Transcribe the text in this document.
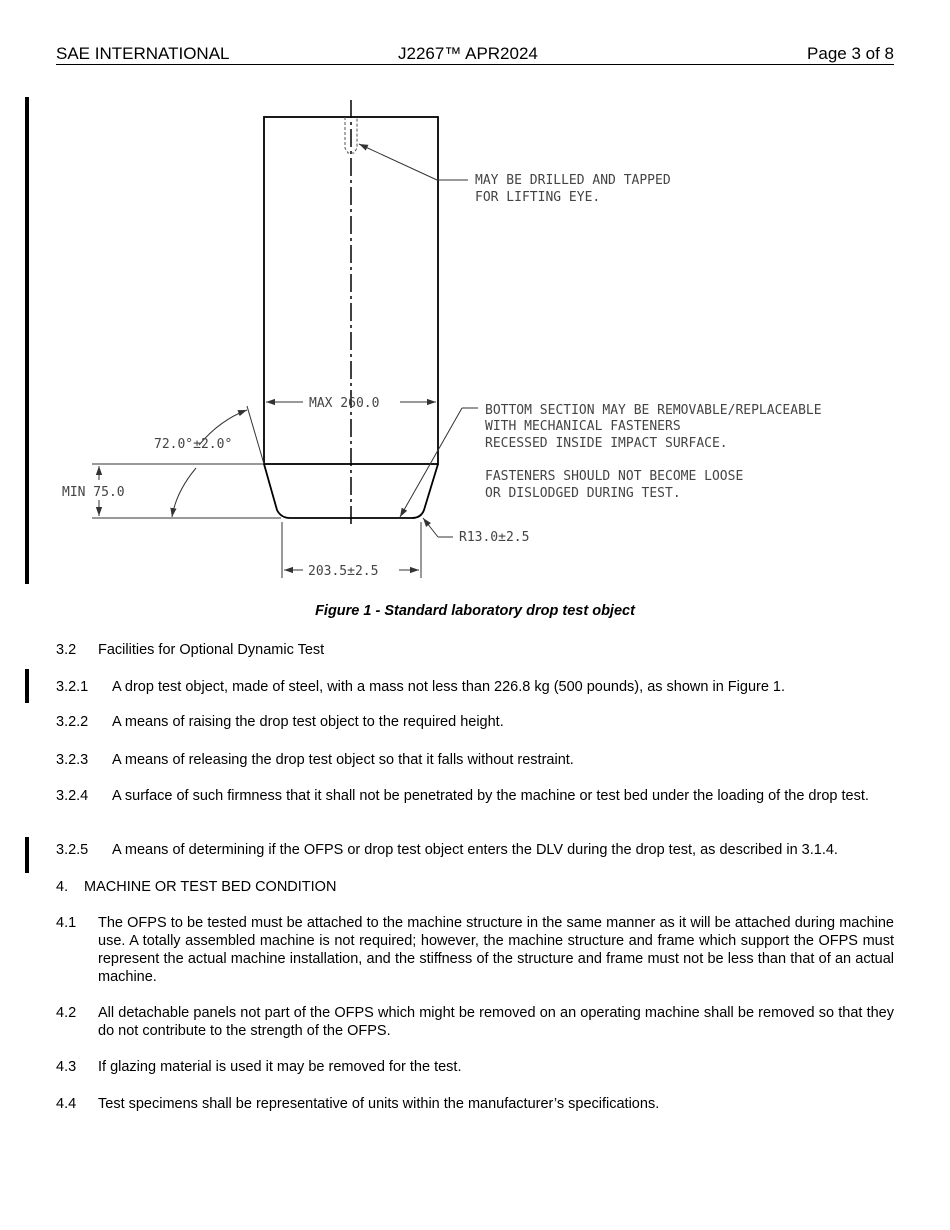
SAE INTERNATIONAL	J2267™ APR2024	Page 3 of 8
MAY BE DRILLED AND TAPPED
FOR LIFTING EYE.
MAX 260.0
72.0°±2.0°
MIN 75.0
203.5±2.5
R13.0±2.5
BOTTOM SECTION MAY BE REMOVABLE/REPLACEABLE
WITH MECHANICAL FASTENERS
RECESSED INSIDE IMPACT SURFACE.
FASTENERS SHOULD NOT BECOME LOOSE
OR DISLODGED DURING TEST.
Figure 1 - Standard laboratory drop test object
3.2 Facilities for Optional Dynamic Test
3.2.1 A drop test object, made of steel, with a mass not less than 226.8 kg (500 pounds), as shown in Figure 1.
3.2.2 A means of raising the drop test object to the required height.
3.2.3 A means of releasing the drop test object so that it falls without restraint.
3.2.4 A surface of such firmness that it shall not be penetrated by the machine or test bed under the loading of the drop test.
3.2.5 A means of determining if the OFPS or drop test object enters the DLV during the drop test, as described in 3.1.4.
4. MACHINE OR TEST BED CONDITION
4.1 The OFPS to be tested must be attached to the machine structure in the same manner as it will be attached during machine use. A totally assembled machine is not required; however, the machine structure and frame which support the OFPS must represent the actual machine installation, and the stiffness of the structure and frame must not be less than that of an actual machine.
4.2 All detachable panels not part of the OFPS which might be removed on an operating machine shall be removed so that they do not contribute to the strength of the OFPS.
4.3 If glazing material is used it may be removed for the test.
4.4 Test specimens shall be representative of units within the manufacturer’s specifications.
